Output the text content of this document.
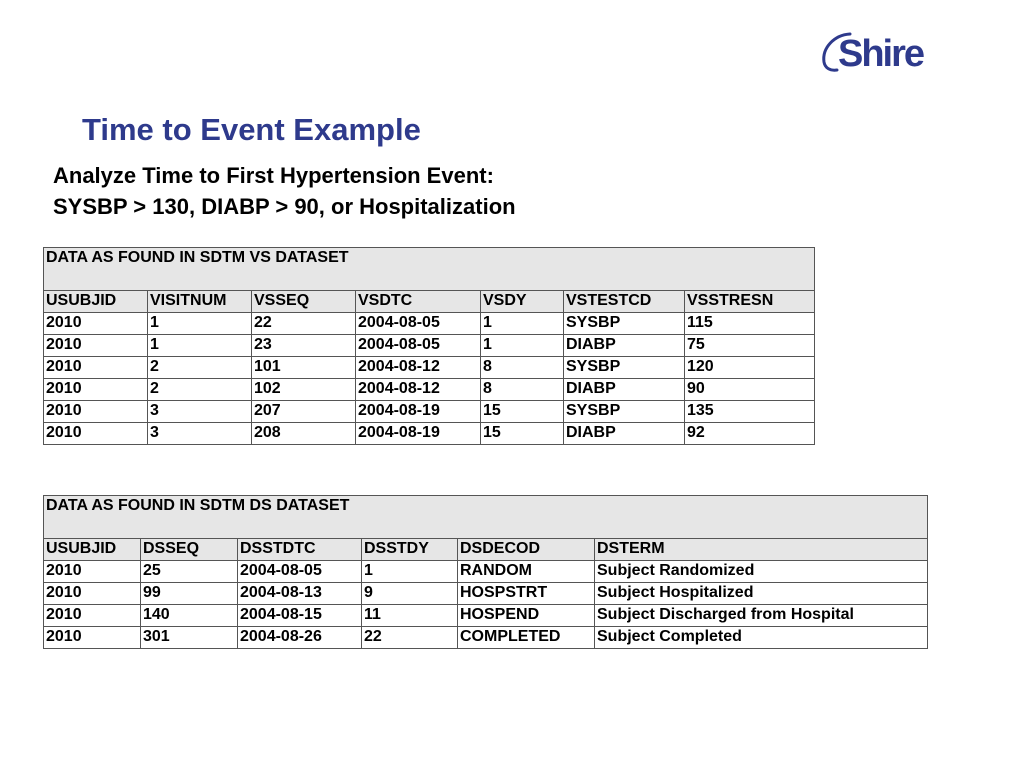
Shire
Time to Event Example
Analyze Time to First Hypertension Event:
SYSBP > 130, DIABP > 90, or Hospitalization
DATA AS FOUND IN SDTM VS DATASET						
USUBJID	VISITNUM	VSSEQ	VSDTC	VSDY	VSTESTCD	VSSTRESN
2010	1	22	2004-08-05	1	SYSBP	115
2010	1	23	2004-08-05	1	DIABP	75
2010	2	101	2004-08-12	8	SYSBP	120
2010	2	102	2004-08-12	8	DIABP	90
2010	3	207	2004-08-19	15	SYSBP	135
2010	3	208	2004-08-19	15	DIABP	92
DATA AS FOUND IN SDTM DS DATASET					
USUBJID	DSSEQ	DSSTDTC	DSSTDY	DSDECOD	DSTERM
2010	25	2004-08-05	1	RANDOM	Subject Randomized
2010	99	2004-08-13	9	HOSPSTRT	Subject Hospitalized
2010	140	2004-08-15	11	HOSPEND	Subject Discharged from Hospital
2010	301	2004-08-26	22	COMPLETED	Subject Completed
